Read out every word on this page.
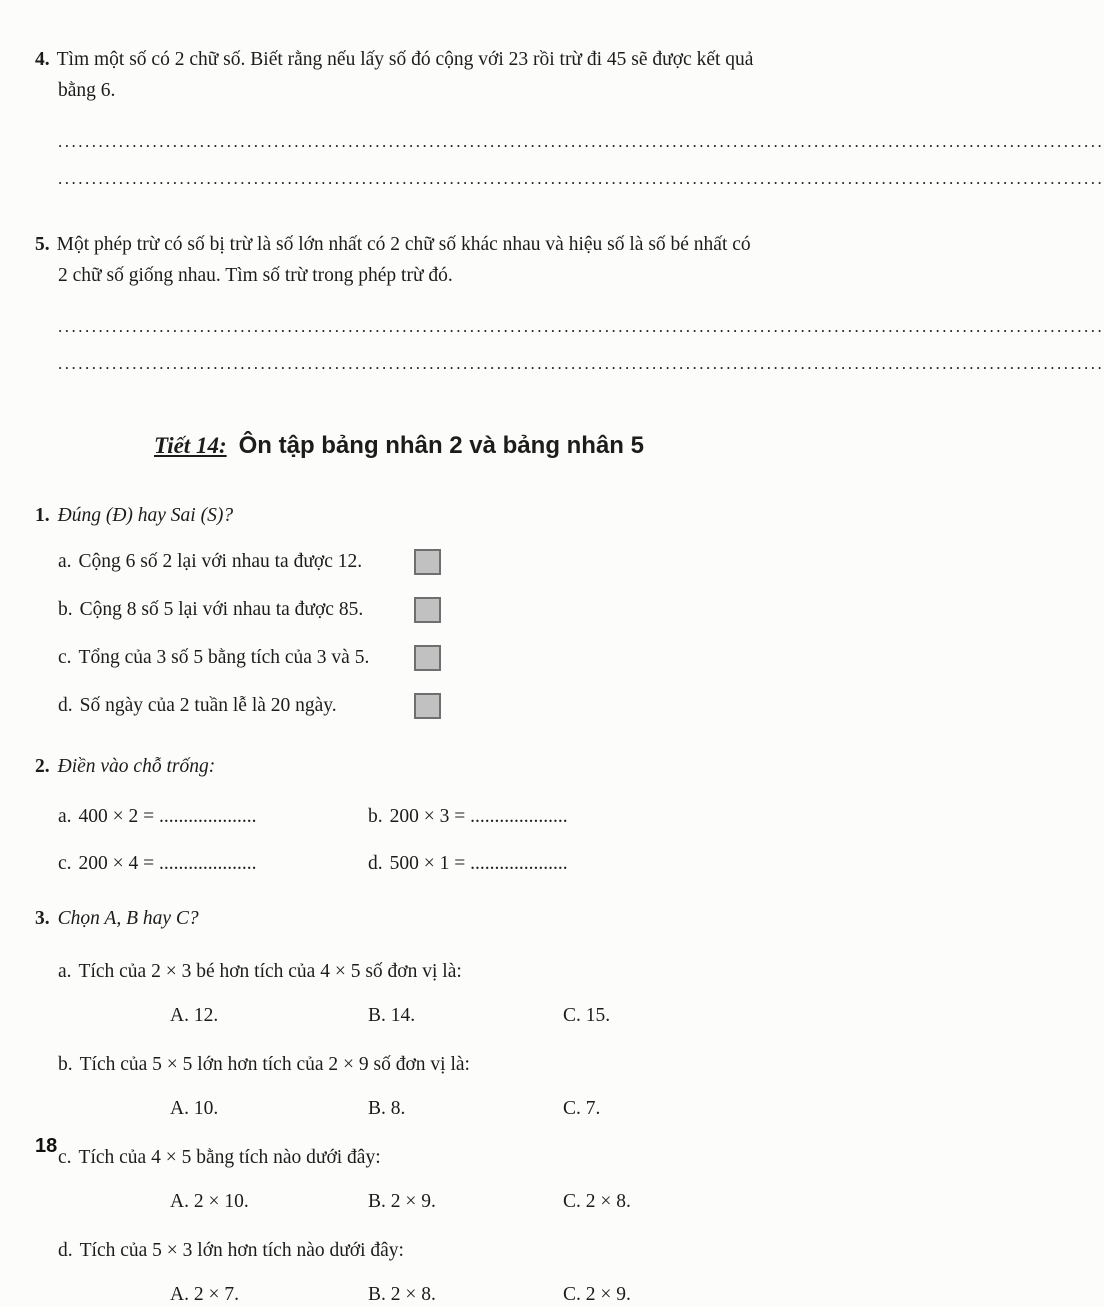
4. Tìm một số có 2 chữ số. Biết rằng nếu lấy số đó cộng với 23 rồi trừ đi 45 sẽ được kết quả bằng 6.

...........................................................................................................................................................
...........................................................................................................................................................

5. Một phép trừ có số bị trừ là số lớn nhất có 2 chữ số khác nhau và hiệu số là số bé nhất có 2 chữ số giống nhau. Tìm số trừ trong phép trừ đó.

...........................................................................................................................................................
...........................................................................................................................................................
Tiết 14: Ôn tập bảng nhân 2 và bảng nhân 5

1. Đúng (Đ) hay Sai (S)?

a. Cộng 6 số 2 lại với nhau ta được 12.
b. Cộng 8 số 5 lại với nhau ta được 85.
c. Tổng của 3 số 5 bằng tích của 3 và 5.
d. Số ngày của 2 tuần lễ là 20 ngày.

2. Điền vào chỗ trống:

a. 400 × 2 = ....................	b. 200 × 3 = ....................
c. 200 × 4 = ....................	d. 500 × 1 = ....................

3. Chọn A, B hay C?

a. Tích của 2 × 3 bé hơn tích của 4 × 5 số đơn vị là:

A. 12.	B. 14.	C. 15.

b. Tích của 5 × 5 lớn hơn tích của 2 × 9 số đơn vị là:

A. 10.	B. 8.	C. 7.

c. Tích của 4 × 5 bằng tích nào dưới đây:

A. 2 × 10.	B. 2 × 9.	C. 2 × 8.

d. Tích của 5 × 3 lớn hơn tích nào dưới đây:

A. 2 × 7.	B. 2 × 8.	C. 2 × 9.
18
